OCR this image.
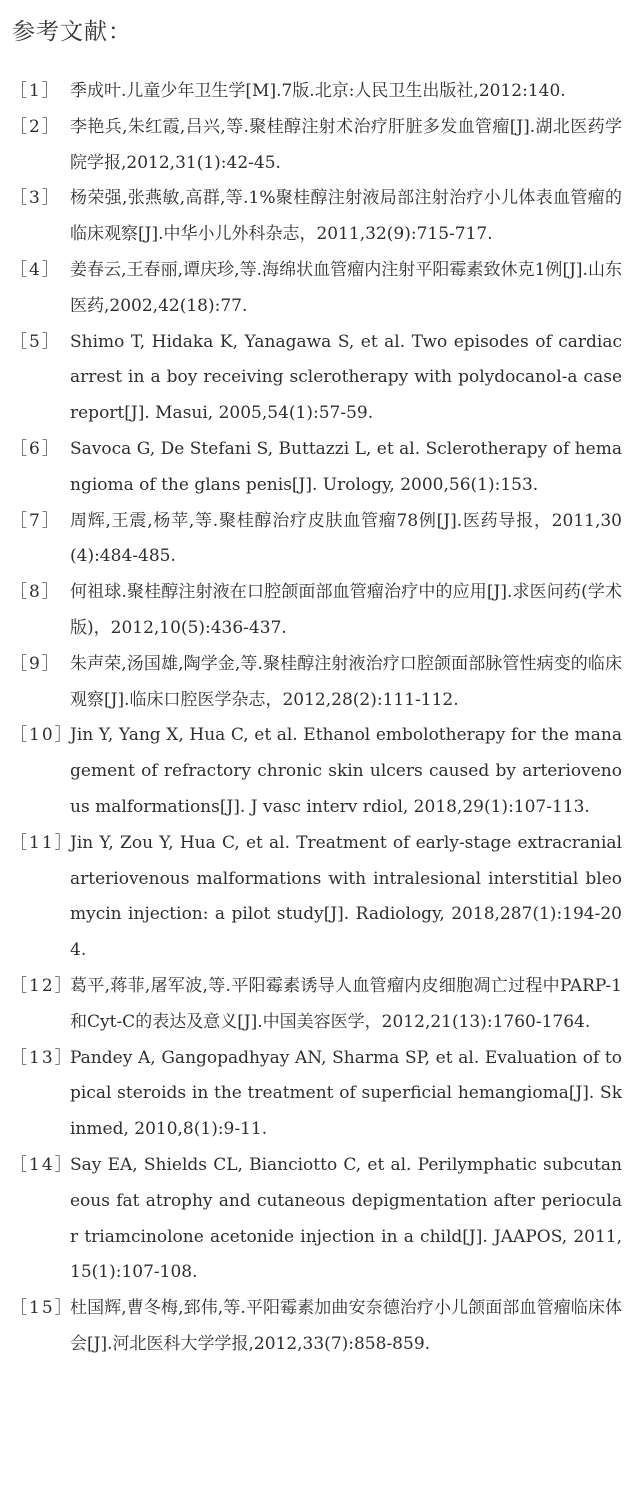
参考文献：
［1］ 季成叶.儿童少年卫生学[M].7版.北京:人民卫生出版社,2012:140.
［2］ 李艳兵,朱红霞,吕兴,等.聚桂醇注射术治疗肝脏多发血管瘤[J].湖北医药学院学报,2012,31(1):42-45.
［3］ 杨荣强,张燕敏,高群,等.1%聚桂醇注射液局部注射治疗小儿体表血管瘤的临床观察[J].中华小儿外科杂志，2011,32(9):715-717.
［4］ 姜春云,王春丽,谭庆珍,等.海绵状血管瘤内注射平阳霉素致休克1例[J].山东医药,2002,42(18):77.
［5］ Shimo T, Hidaka K, Yanagawa S, et al. Two episodes of cardiac arrest in a boy receiving sclerotherapy with polydocanol-a case report[J]. Masui, 2005,54(1):57-59.
［6］ Savoca G, De Stefani S, Buttazzi L, et al. Sclerotherapy of hemangioma of the glans penis[J]. Urology, 2000,56(1):153.
［7］ 周辉,王震,杨苹,等.聚桂醇治疗皮肤血管瘤78例[J].医药导报，2011,30(4):484-485.
［8］ 何祖球.聚桂醇注射液在口腔颌面部血管瘤治疗中的应用[J].求医问药(学术版)，2012,10(5):436-437.
［9］ 朱声荣,汤国雄,陶学金,等.聚桂醇注射液治疗口腔颌面部脉管性病变的临床观察[J].临床口腔医学杂志，2012,28(2):111-112.
［10］
Jin Y, Yang X, Hua C, et al. Ethanol embolotherapy for the management of refractory chronic skin ulcers caused by arteriovenous malformations[J]. J vasc interv rdiol, 2018,29(1):107-113.
［11］
Jin Y, Zou Y, Hua C, et al. Treatment of early-stage extracranial arteriovenous malformations with intralesional interstitial bleomycin injection: a pilot study[J]. Radiology, 2018,287(1):194-204.
［12］
葛平,蒋菲,屠军波,等.平阳霉素诱导人血管瘤内皮细胞凋亡过程中PARP-1和Cyt-C的表达及意义[J].中国美容医学，2012,21(13):1760-1764.
［13］
Pandey A, Gangopadhyay AN, Sharma SP, et al. Evaluation of topical steroids in the treatment of superficial hemangioma[J]. Skinmed, 2010,8(1):9-11.
［14］
Say EA, Shields CL, Bianciotto C, et al. Perilymphatic subcutaneous fat atrophy and cutaneous depigmentation after periocular triamcinolone acetonide injection in a child[J]. JAAPOS, 2011,15(1):107-108.
［15］
杜国辉,曹冬梅,郅伟,等.平阳霉素加曲安奈德治疗小儿颌面部血管瘤临床体会[J].河北医科大学学报,2012,33(7):858-859.
